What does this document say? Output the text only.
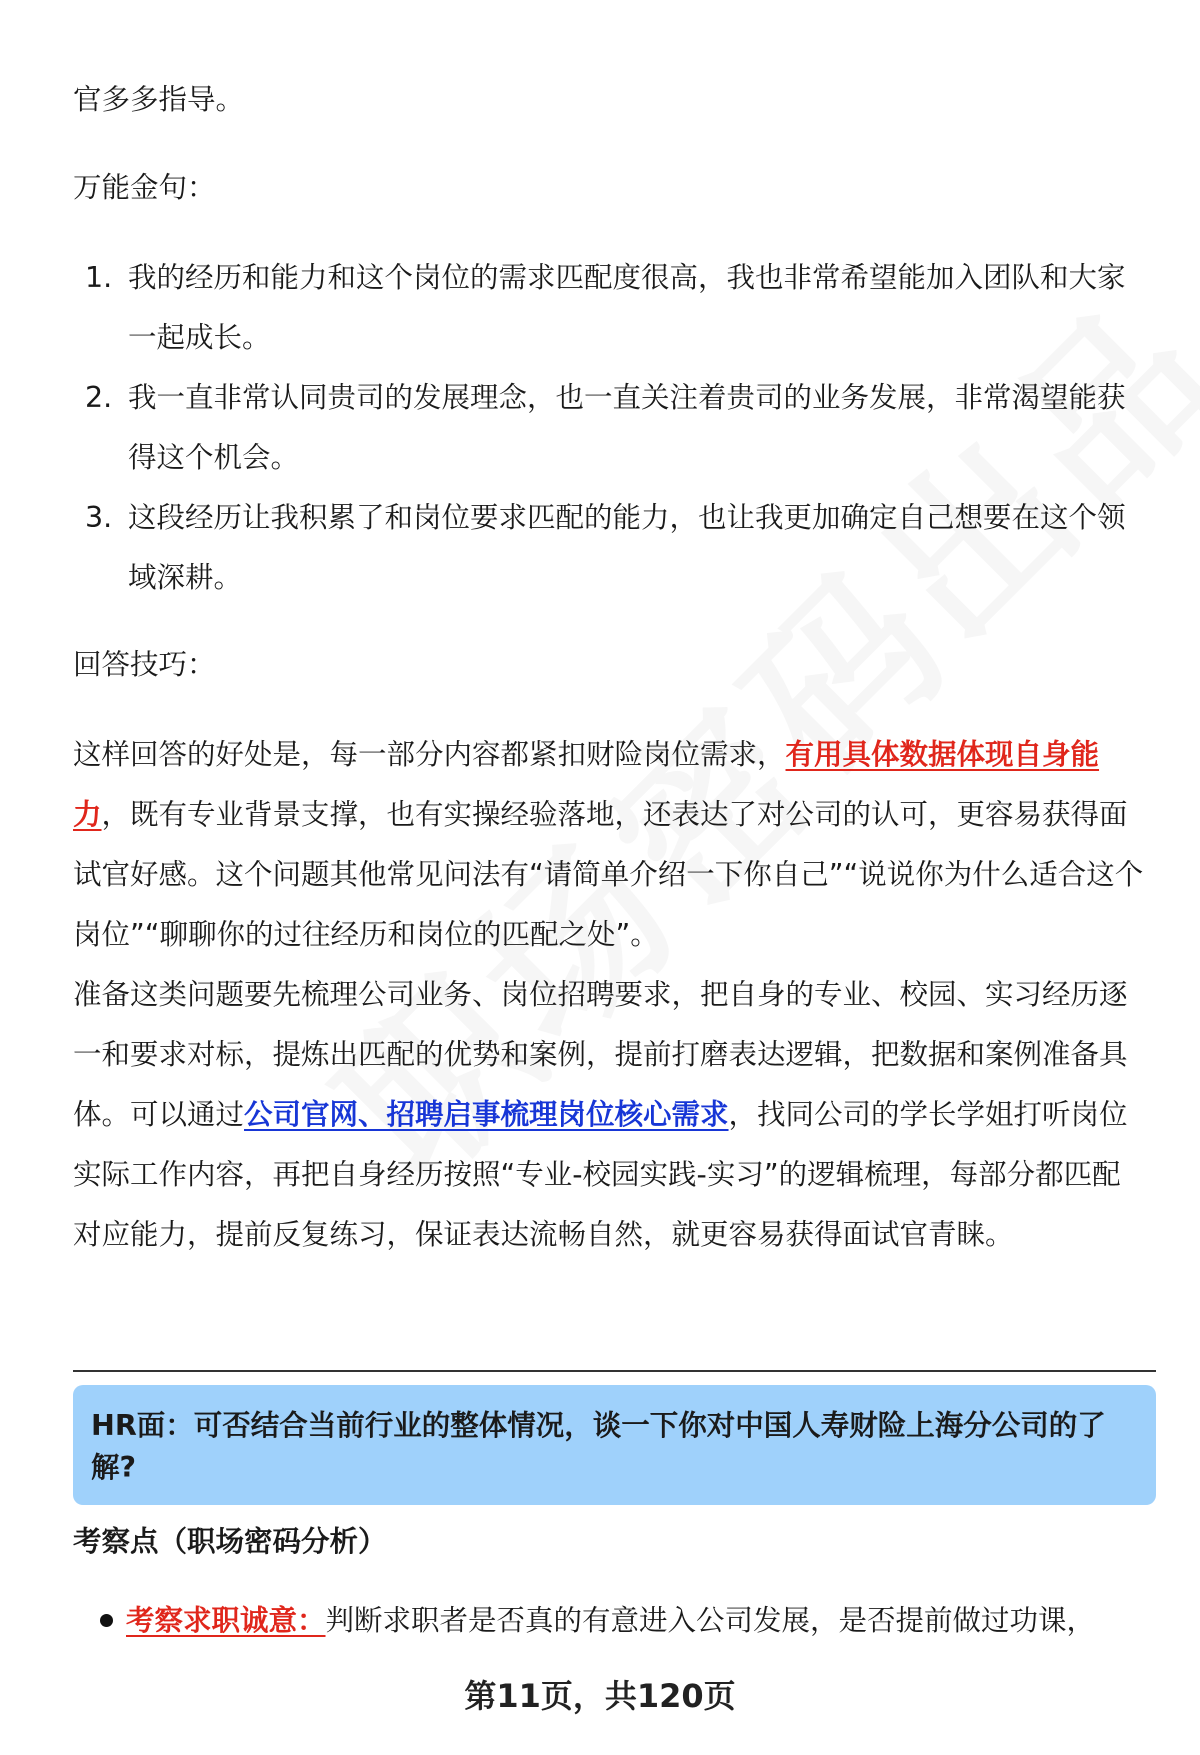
官多多指导。

万能金句：

1. 我的经历和能力和这个岗位的需求匹配度很高，我也非常希望能加入团队和大家一起成长。
2. 我一直非常认同贵司的发展理念，也一直关注着贵司的业务发展，非常渴望能获得这个机会。
3. 这段经历让我积累了和岗位要求匹配的能力，也让我更加确定自己想要在这个领域深耕。

回答技巧：

这样回答的好处是，每一部分内容都紧扣财险岗位需求，有用具体数据体现自身能力，既有专业背景支撑，也有实操经验落地，还表达了对公司的认可，更容易获得面试官好感。这个问题其他常见问法有“请简单介绍一下你自己”“说说你为什么适合这个岗位”“聊聊你的过往经历和岗位的匹配之处”。

准备这类问题要先梳理公司业务、岗位招聘要求，把自身的专业、校园、实习经历逐一和要求对标，提炼出匹配的优势和案例，提前打磨表达逻辑，把数据和案例准备具体。可以通过公司官网、招聘启事梳理岗位核心需求，找同公司的学长学姐打听岗位实际工作内容，再把自身经历按照“专业-校园实践-实习”的逻辑梳理，每部分都匹配对应能力，提前反复练习，保证表达流畅自然，就更容易获得面试官青睐。

HR面：可否结合当前行业的整体情况，谈一下你对中国人寿财险上海分公司的了解?
考察点（职场密码分析）
考察求职诚意：判断求职者是否真的有意进入公司发展，是否提前做过功课，
第11页，共120页
